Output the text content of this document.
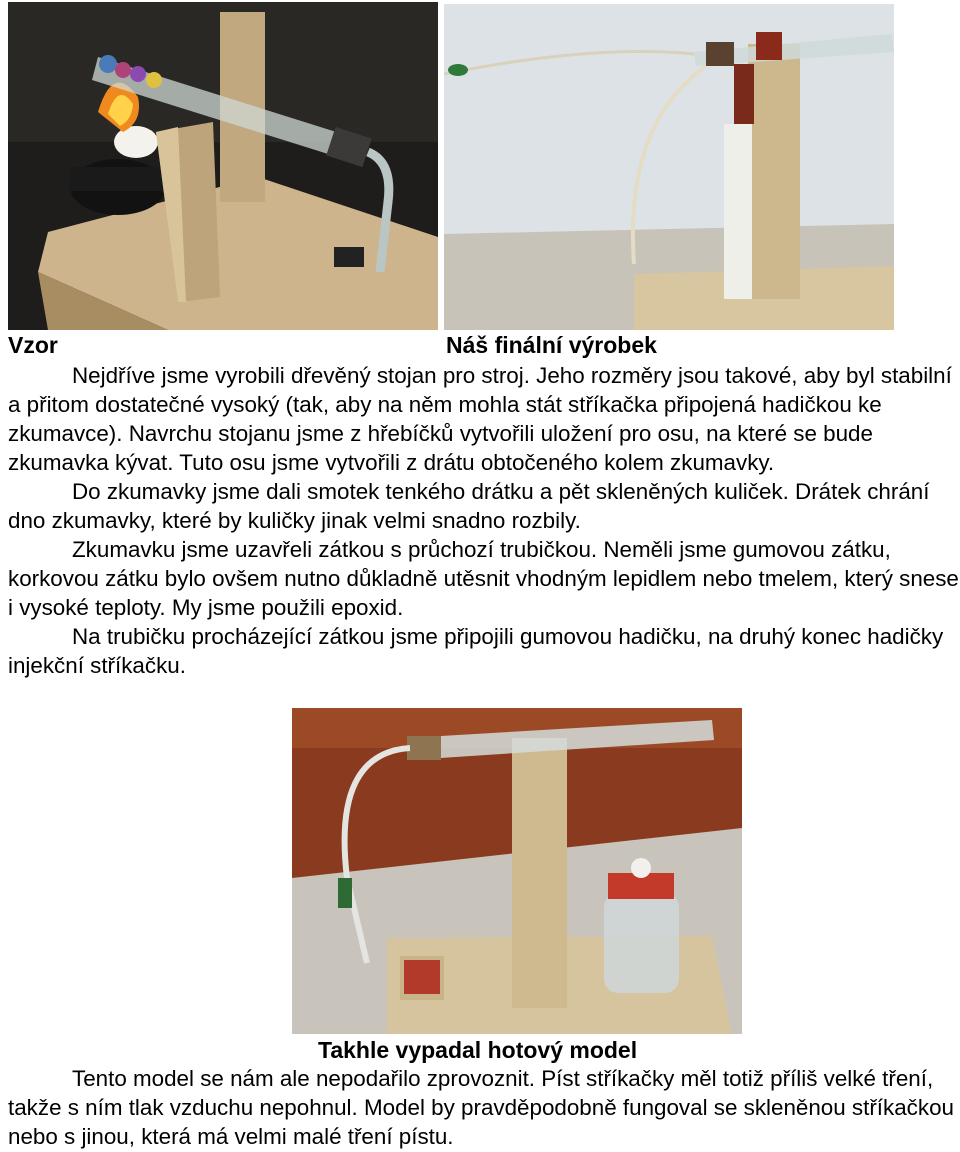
Vzor	Náš finální výrobek

Nejdříve jsme vyrobili dřevěný stojan pro stroj. Jeho rozměry jsou takové, aby byl stabilní a přitom dostatečné vysoký (tak, aby na něm mohla stát stříkačka připojená hadičkou ke zkumavce). Navrchu stojanu jsme z hřebíčků vytvořili uložení pro osu, na které se bude zkumavka kývat. Tuto osu jsme vytvořili z drátu obtočeného kolem zkumavky.

Do zkumavky jsme dali smotek tenkého drátku a pět skleněných kuliček. Drátek chrání dno zkumavky, které by kuličky jinak velmi snadno rozbily.

Zkumavku jsme uzavřeli zátkou s průchozí trubičkou. Neměli jsme gumovou zátku, korkovou zátku bylo ovšem nutno důkladně utěsnit vhodným lepidlem nebo tmelem, který snese i vysoké teploty. My jsme použili epoxid.

Na trubičku procházející zátkou jsme připojili gumovou hadičku, na druhý konec hadičky injekční stříkačku.

Takhle vypadal hotový model

Tento model se nám ale nepodařilo zprovoznit. Píst stříkačky měl totiž příliš velké tření, takže s ním tlak vzduchu nepohnul. Model by pravděpodobně fungoval se skleněnou stříkačkou nebo s jinou, která má velmi malé tření pístu.
